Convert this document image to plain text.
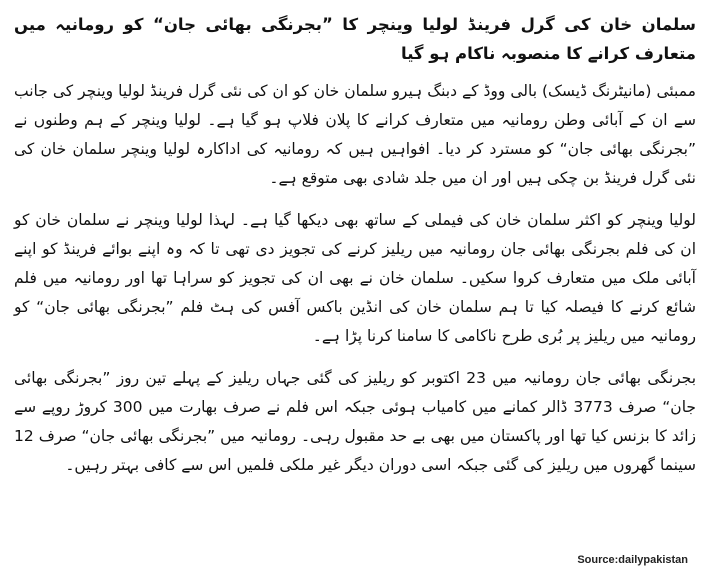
سلمان خان کی گرل فرینڈ لولیا وینچر کا ”بجرنگی بھائی جان“ کو رومانیہ میں متعارف کرانے کا منصوبہ ناکام ہو گیا

ممبئی (مانیٹرنگ ڈیسک) بالی ووڈ کے دبنگ ہیرو سلمان خان کو ان کی نئی گرل فرینڈ لولیا وینچر کی جانب سے ان کے آبائی وطن رومانیہ میں متعارف کرانے کا پلان فلاپ ہو گیا ہے۔ لولیا وینچر کے ہم وطنوں نے ”بجرنگی بھائی جان“ کو مسترد کر دیا۔ افواہیں ہیں کہ رومانیہ کی اداکارہ لولیا وینچر سلمان خان کی نئی گرل فرینڈ بن چکی ہیں اور ان میں جلد شادی بھی متوقع ہے۔

لولیا وینچر کو اکثر سلمان خان کی فیملی کے ساتھ بھی دیکھا گیا ہے۔ لہذا لولیا وینچر نے سلمان خان کو ان کی فلم بجرنگی بھائی جان رومانیہ میں ریلیز کرنے کی تجویز دی تھی تا کہ وہ اپنے بوائے فرینڈ کو اپنے آبائی ملک میں متعارف کروا سکیں۔ سلمان خان نے بھی ان کی تجویز کو سراہا تھا اور رومانیہ میں فلم شائع کرنے کا فیصلہ کیا تا ہم سلمان خان کی انڈین باکس آفس کی ہٹ فلم ”بجرنگی بھائی جان“ کو رومانیہ میں ریلیز پر بُری طرح ناکامی کا سامنا کرنا پڑا ہے۔

بجرنگی بھائی جان رومانیہ میں 23 اکتوبر کو ریلیز کی گئی جہاں ریلیز کے پہلے تین روز ”بجرنگی بھائی جان“ صرف 3773 ڈالر کمانے میں کامیاب ہوئی جبکہ اس فلم نے صرف بھارت میں 300 کروڑ روپے سے زائد کا بزنس کیا تھا اور پاکستان میں بھی بے حد مقبول رہی۔ رومانیہ میں ”بجرنگی بھائی جان“ صرف 12 سینما گھروں میں ریلیز کی گئی جبکہ اسی دوران دیگر غیر ملکی فلمیں اس سے کافی بہتر رہیں۔

Source:dailypakistan
